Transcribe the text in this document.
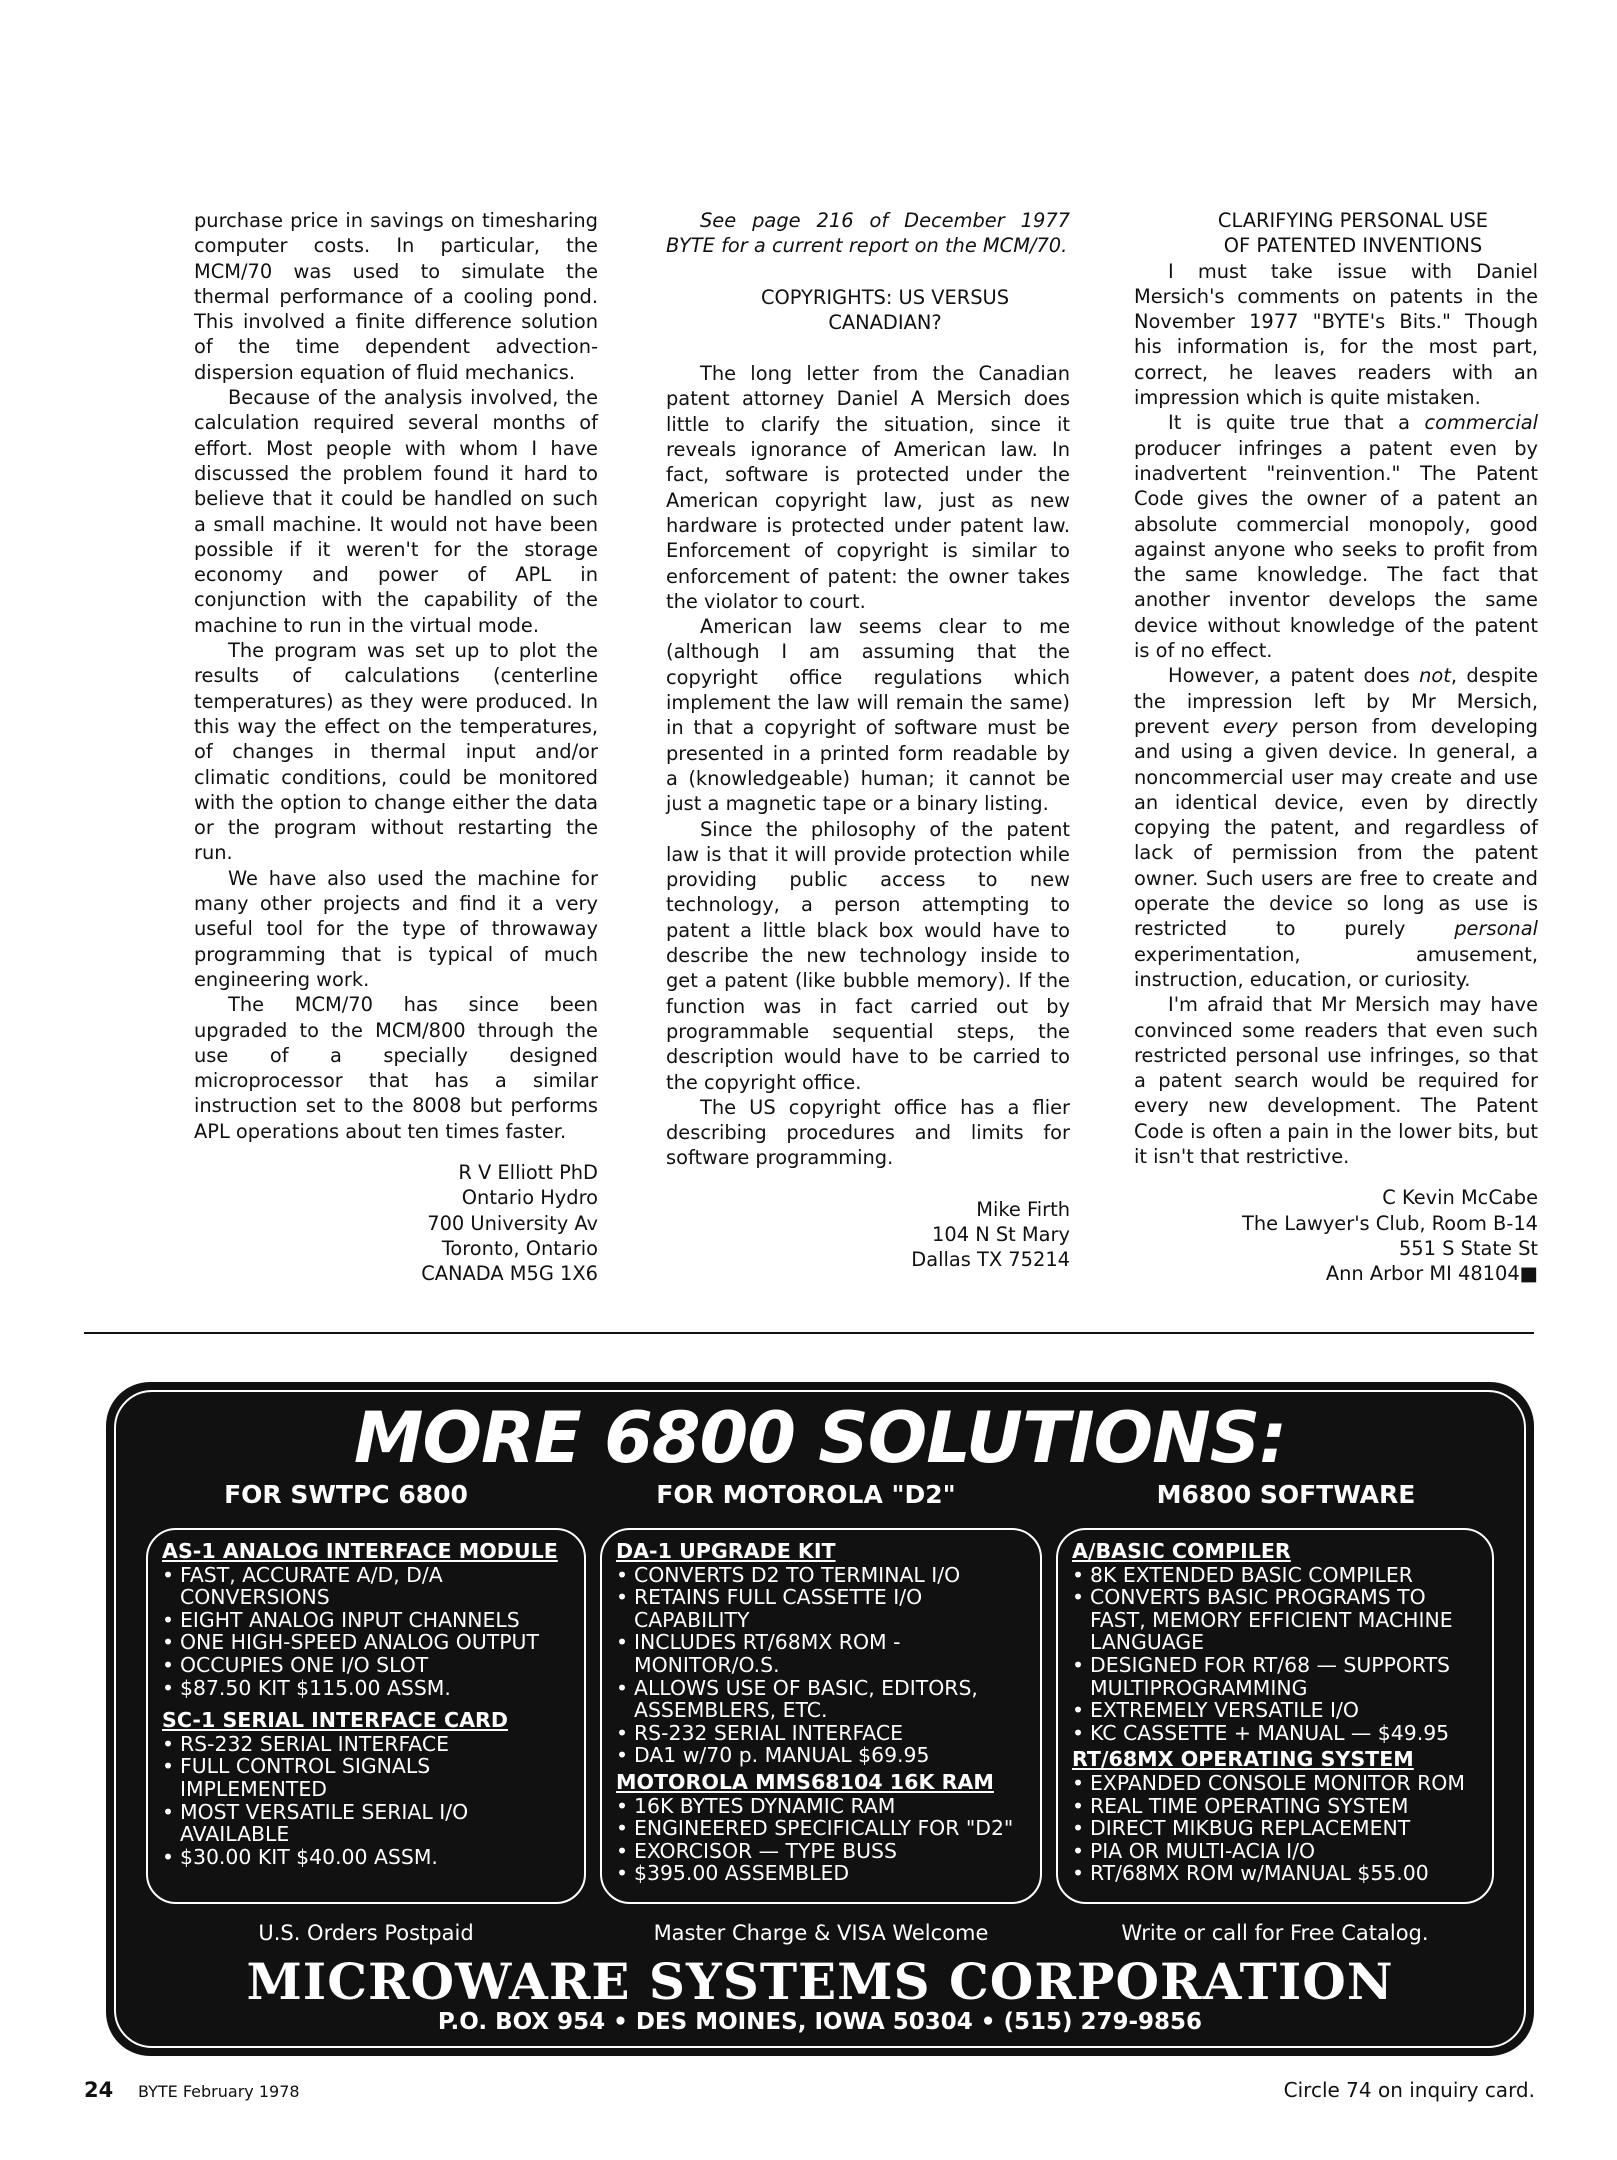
purchase price in savings on timesharing computer costs. In particular, the MCM/70 was used to simulate the thermal performance of a cooling pond. This involved a finite difference solution of the time dependent advection-dispersion equation of fluid mechanics.

Because of the analysis involved, the calculation required several months of effort. Most people with whom I have discussed the problem found it hard to believe that it could be handled on such a small machine. It would not have been possible if it weren't for the storage economy and power of APL in conjunction with the capability of the machine to run in the virtual mode.

The program was set up to plot the results of calculations (centerline temperatures) as they were produced. In this way the effect on the temperatures, of changes in thermal input and/or climatic conditions, could be monitored with the option to change either the data or the program without restarting the run.

We have also used the machine for many other projects and find it a very useful tool for the type of throwaway programming that is typical of much engineering work.

The MCM/70 has since been upgraded to the MCM/800 through the use of a specially designed microprocessor that has a similar instruction set to the 8008 but performs APL operations about ten times faster.

R V Elliott PhD

Ontario Hydro

700 University Av

Toronto, Ontario

CANADA M5G 1X6

See page 216 of December 1977 BYTE for a current report on the MCM/70.

COPYRIGHTS: US VERSUS

CANADIAN?

The long letter from the Canadian patent attorney Daniel A Mersich does little to clarify the situation, since it reveals ignorance of American law. In fact, software is protected under the American copyright law, just as new hardware is protected under patent law. Enforcement of copyright is similar to enforcement of patent: the owner takes the violator to court.

American law seems clear to me (although I am assuming that the copyright office regulations which implement the law will remain the same) in that a copyright of software must be presented in a printed form readable by a (knowledgeable) human; it cannot be just a magnetic tape or a binary listing.

Since the philosophy of the patent law is that it will provide protection while providing public access to new technology, a person attempting to patent a little black box would have to describe the new technology inside to get a patent (like bubble memory). If the function was in fact carried out by programmable sequential steps, the description would have to be carried to the copyright office.

The US copyright office has a flier describing procedures and limits for software programming.

Mike Firth

104 N St Mary

Dallas TX 75214

CLARIFYING PERSONAL USE

OF PATENTED INVENTIONS

I must take issue with Daniel Mersich's comments on patents in the November 1977 "BYTE's Bits." Though his information is, for the most part, correct, he leaves readers with an impression which is quite mistaken.

It is quite true that a commercial producer infringes a patent even by inadvertent "reinvention." The Patent Code gives the owner of a patent an absolute commercial monopoly, good against anyone who seeks to profit from the same knowledge. The fact that another inventor develops the same device without knowledge of the patent is of no effect.

However, a patent does not, despite the impression left by Mr Mersich, prevent every person from developing and using a given device. In general, a noncommercial user may create and use an identical device, even by directly copying the patent, and regardless of lack of permission from the patent owner. Such users are free to create and operate the device so long as use is restricted to purely personal experimentation, amusement, instruction, education, or curiosity.

I'm afraid that Mr Mersich may have convinced some readers that even such restricted personal use infringes, so that a patent search would be required for every new development. The Patent Code is often a pain in the lower bits, but it isn't that restrictive.

C Kevin McCabe

The Lawyer's Club, Room B-14

551 S State St

Ann Arbor MI 48104■

MORE 6800 SOLUTIONS:
FOR SWTPC 6800	FOR MOTOROLA "D2"	M6800 SOFTWARE
AS-1 ANALOG INTERFACE MODULE
• FAST, ACCURATE A/D, D/A CONVERSIONS
• EIGHT ANALOG INPUT CHANNELS
• ONE HIGH-SPEED ANALOG OUTPUT
• OCCUPIES ONE I/O SLOT
• $87.50 KIT $115.00 ASSM.
SC-1 SERIAL INTERFACE CARD
• RS-232 SERIAL INTERFACE
• FULL CONTROL SIGNALS IMPLEMENTED
• MOST VERSATILE SERIAL I/O AVAILABLE
• $30.00 KIT $40.00 ASSM.
DA-1 UPGRADE KIT
• CONVERTS D2 TO TERMINAL I/O
• RETAINS FULL CASSETTE I/O CAPABILITY
• INCLUDES RT/68MX ROM - MONITOR/O.S.
• ALLOWS USE OF BASIC, EDITORS, ASSEMBLERS, ETC.
• RS-232 SERIAL INTERFACE
• DA1 w/70 p. MANUAL $69.95
MOTOROLA MMS68104 16K RAM
• 16K BYTES DYNAMIC RAM
• ENGINEERED SPECIFICALLY FOR "D2"
• EXORCISOR — TYPE BUSS
• $395.00 ASSEMBLED
A/BASIC COMPILER
• 8K EXTENDED BASIC COMPILER
• CONVERTS BASIC PROGRAMS TO FAST, MEMORY EFFICIENT MACHINE LANGUAGE
• DESIGNED FOR RT/68 — SUPPORTS MULTIPROGRAMMING
• EXTREMELY VERSATILE I/O
• KC CASSETTE + MANUAL — $49.95
RT/68MX OPERATING SYSTEM
• EXPANDED CONSOLE MONITOR ROM
• REAL TIME OPERATING SYSTEM
• DIRECT MIKBUG REPLACEMENT
• PIA OR MULTI-ACIA I/O
• RT/68MX ROM w/MANUAL $55.00
U.S. Orders Postpaid	Master Charge & VISA Welcome	Write or call for Free Catalog.
MICROWARE SYSTEMS CORPORATION
P.O. BOX 954 • DES MOINES, IOWA 50304 • (515) 279-9856
24 BYTE February 1978	Circle 74 on inquiry card.
